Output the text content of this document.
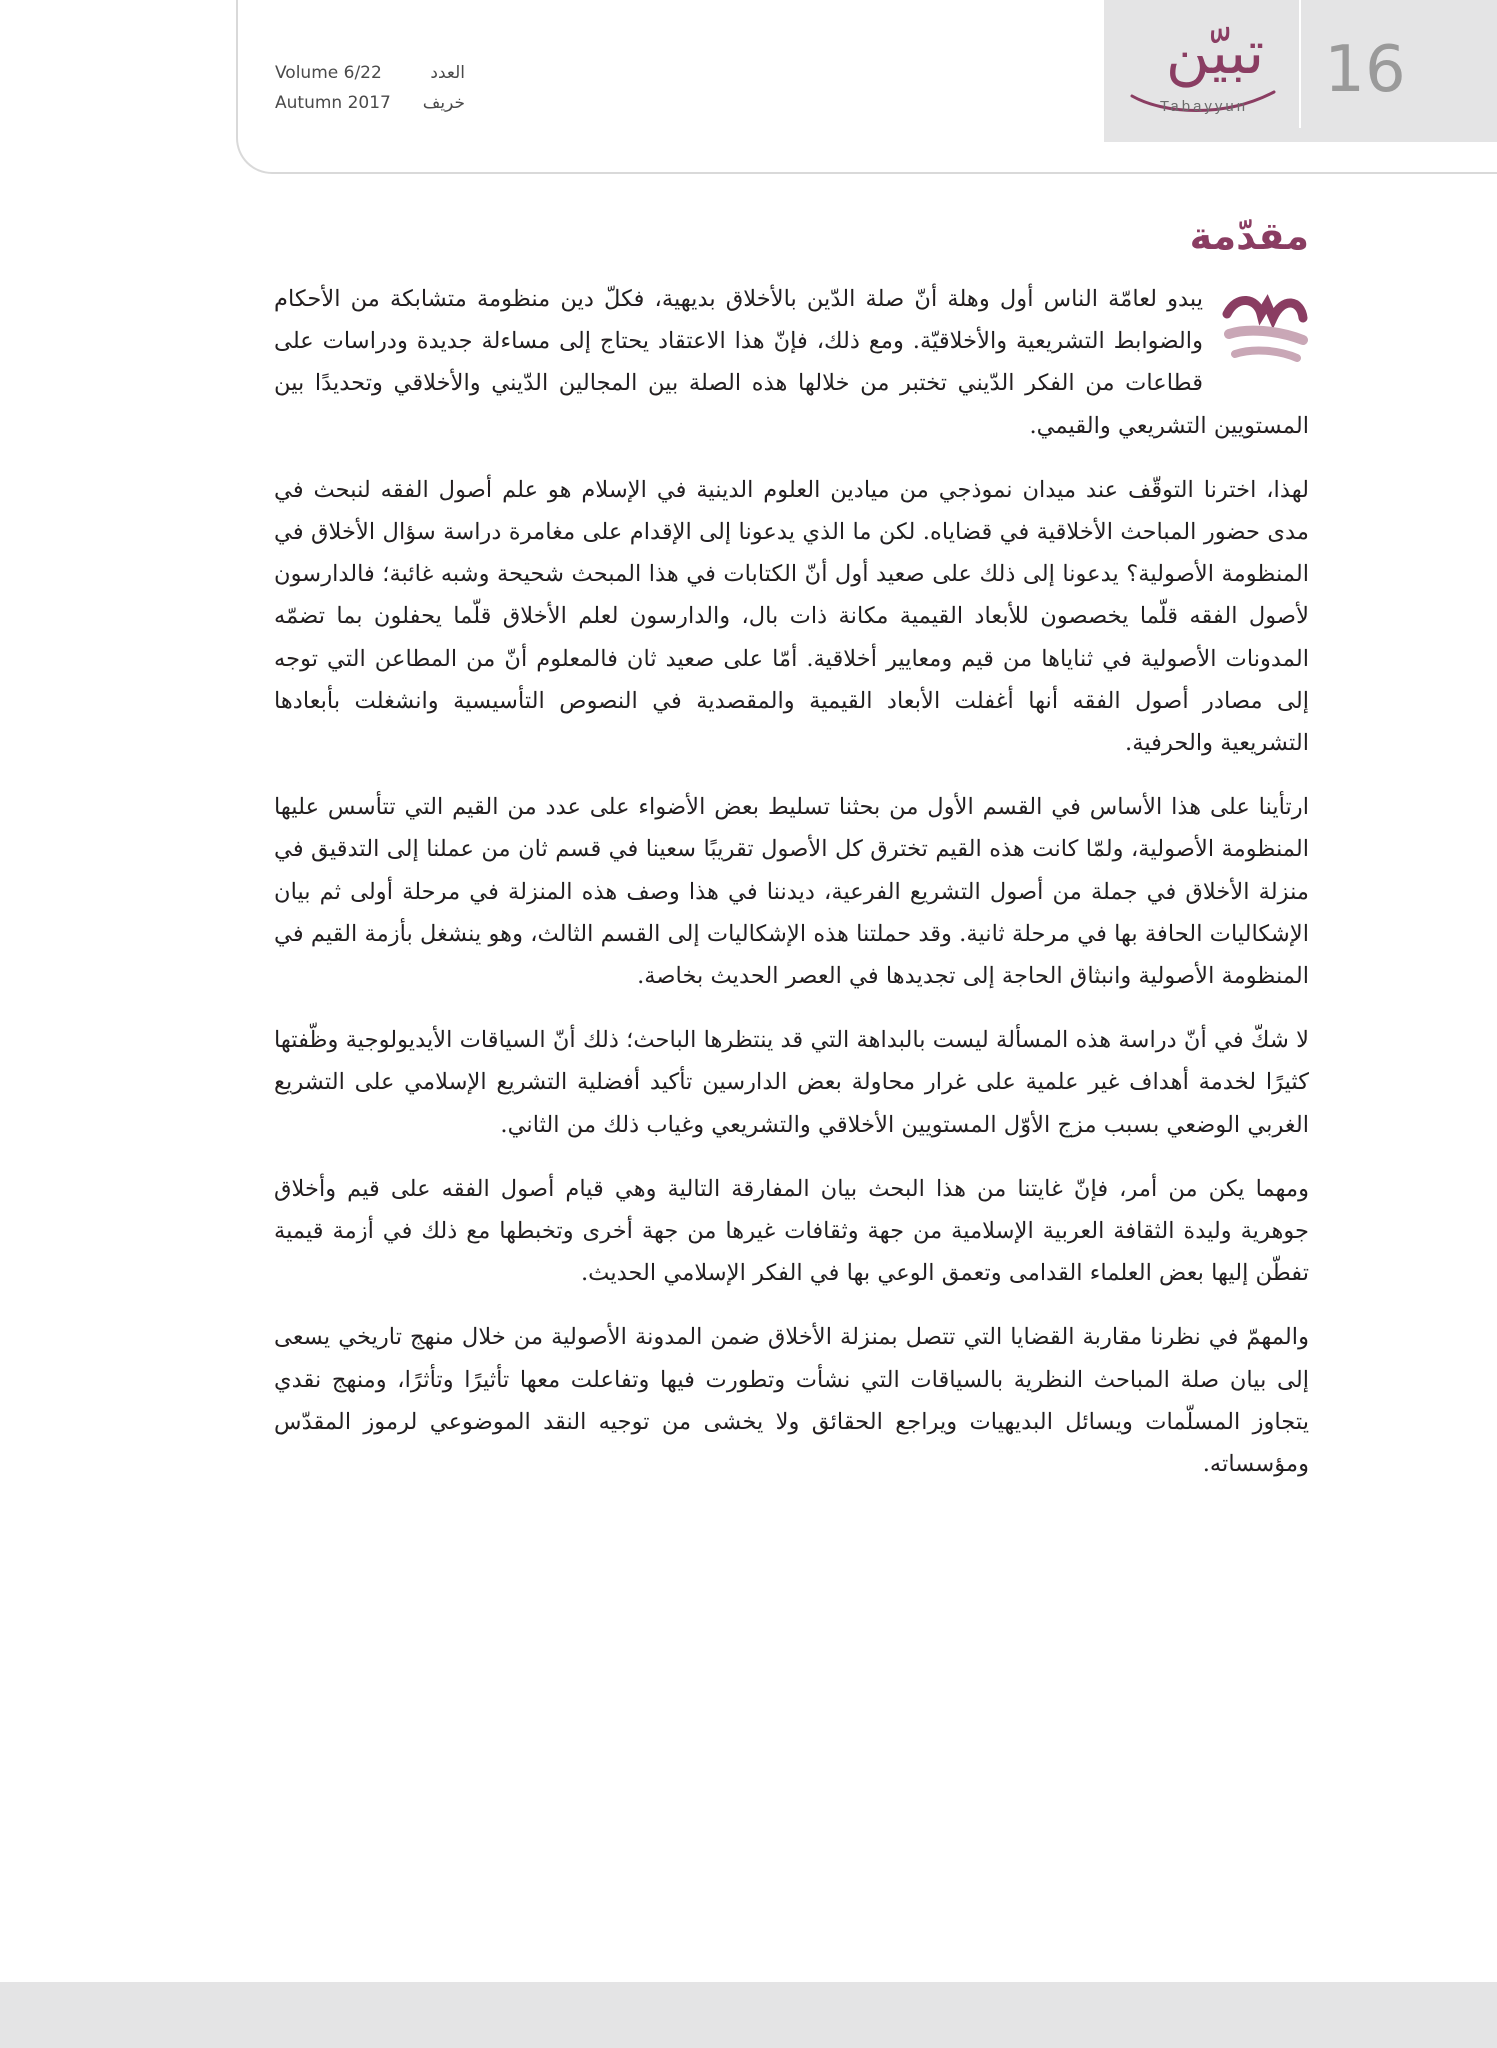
Volume 6/22	العدد
Autumn 2017 خريف
تبيّن
Tabayyun	16
مقدّمة

يبدو لعامّة الناس أول وهلة أنّ صلة الدّين بالأخلاق بديهية، فكلّ دين منظومة متشابكة من الأحكام والضوابط التشريعية والأخلاقيّة. ومع ذلك، فإنّ هذا الاعتقاد يحتاج إلى مساءلة جديدة ودراسات على قطاعات من الفكر الدّيني تختبر من خلالها هذه الصلة بين المجالين الدّيني والأخلاقي وتحديدًا بين المستويين التشريعي والقيمي.

لهذا، اخترنا التوقّف عند ميدان نموذجي من ميادين العلوم الدينية في الإسلام هو علم أصول الفقه لنبحث في مدى حضور المباحث الأخلاقية في قضاياه. لكن ما الذي يدعونا إلى الإقدام على مغامرة دراسة سؤال الأخلاق في المنظومة الأصولية؟ يدعونا إلى ذلك على صعيد أول أنّ الكتابات في هذا المبحث شحيحة وشبه غائبة؛ فالدارسون لأصول الفقه قلّما يخصصون للأبعاد القيمية مكانة ذات بال، والدارسون لعلم الأخلاق قلّما يحفلون بما تضمّه المدونات الأصولية في ثناياها من قيم ومعايير أخلاقية. أمّا على صعيد ثان فالمعلوم أنّ من المطاعن التي توجه إلى مصادر أصول الفقه أنها أغفلت الأبعاد القيمية والمقصدية في النصوص التأسيسية وانشغلت بأبعادها التشريعية والحرفية.

ارتأينا على هذا الأساس في القسم الأول من بحثنا تسليط بعض الأضواء على عدد من القيم التي تتأسس عليها المنظومة الأصولية، ولمّا كانت هذه القيم تخترق كل الأصول تقريبًا سعينا في قسم ثان من عملنا إلى التدقيق في منزلة الأخلاق في جملة من أصول التشريع الفرعية، ديدننا في هذا وصف هذه المنزلة في مرحلة أولى ثم بيان الإشكاليات الحافة بها في مرحلة ثانية. وقد حملتنا هذه الإشكاليات إلى القسم الثالث، وهو ينشغل بأزمة القيم في المنظومة الأصولية وانبثاق الحاجة إلى تجديدها في العصر الحديث بخاصة.

لا شكّ في أنّ دراسة هذه المسألة ليست بالبداهة التي قد ينتظرها الباحث؛ ذلك أنّ السياقات الأيديولوجية وظّفتها كثيرًا لخدمة أهداف غير علمية على غرار محاولة بعض الدارسين تأكيد أفضلية التشريع الإسلامي على التشريع الغربي الوضعي بسبب مزج الأوّل المستويين الأخلاقي والتشريعي وغياب ذلك من الثاني.

ومهما يكن من أمر، فإنّ غايتنا من هذا البحث بيان المفارقة التالية وهي قيام أصول الفقه على قيم وأخلاق جوهرية وليدة الثقافة العربية الإسلامية من جهة وثقافات غيرها من جهة أخرى وتخبطها مع ذلك في أزمة قيمية تفطّن إليها بعض العلماء القدامى وتعمق الوعي بها في الفكر الإسلامي الحديث.

والمهمّ في نظرنا مقاربة القضايا التي تتصل بمنزلة الأخلاق ضمن المدونة الأصولية من خلال منهج تاريخي يسعى إلى بيان صلة المباحث النظرية بالسياقات التي نشأت وتطورت فيها وتفاعلت معها تأثيرًا وتأثرًا، ومنهج نقدي يتجاوز المسلّمات ويسائل البديهيات ويراجع الحقائق ولا يخشى من توجيه النقد الموضوعي لرموز المقدّس ومؤسساته.
